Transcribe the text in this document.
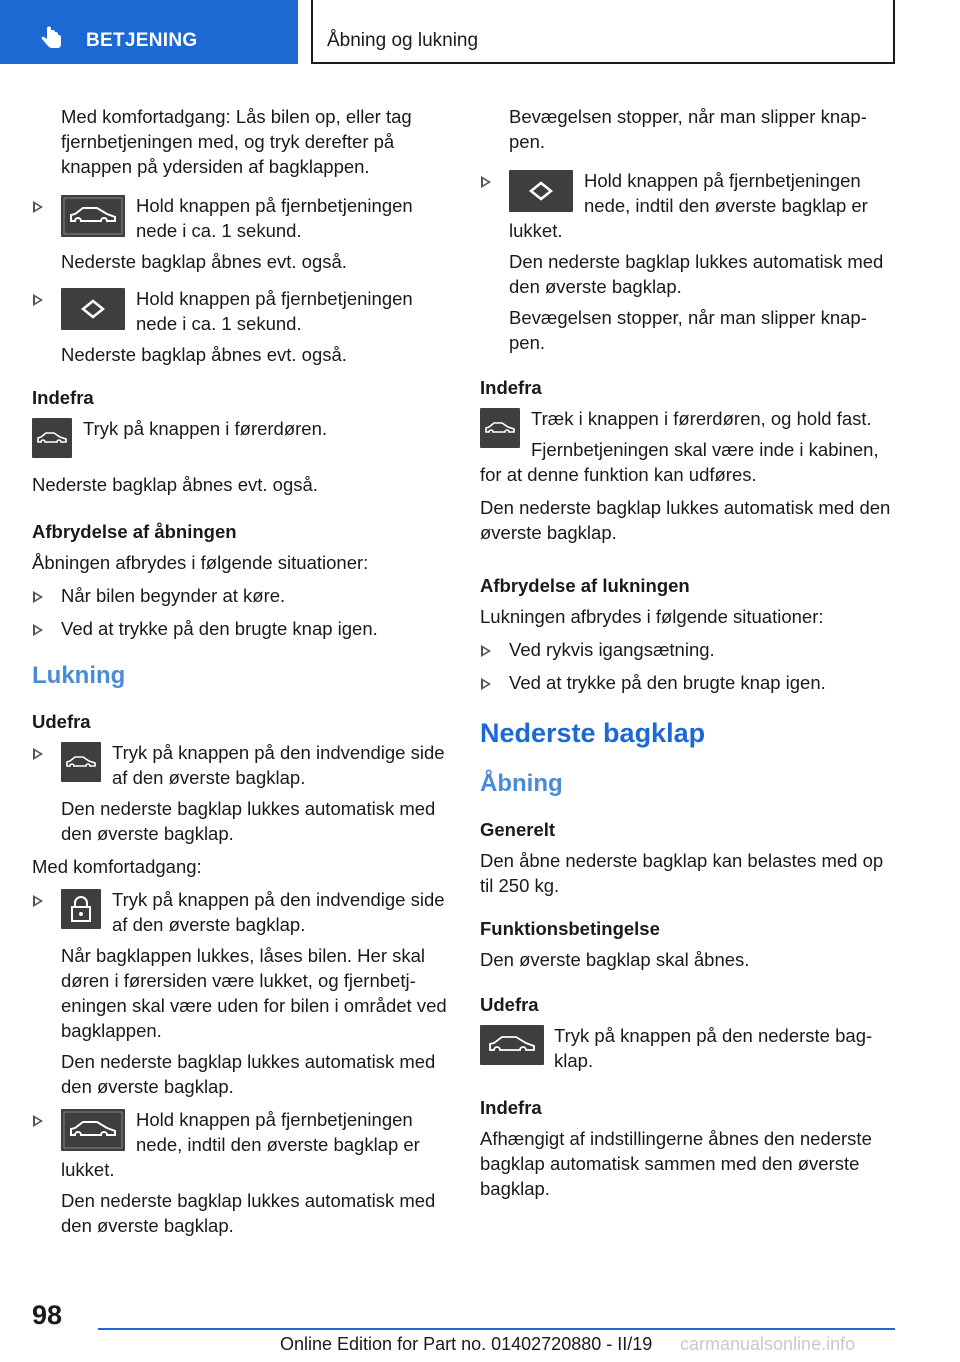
BETJENING	Åbning og lukning
Med komfortadgang: Lås bilen op, eller tag fjernbetjeningen med, og tryk derefter på knappen på ydersiden af bagklappen.
Hold knappen på fjernbetjeningen nede i ca. 1 sekund.
Nederste bagklap åbnes evt. også.
Hold knappen på fjernbetjeningen nede i ca. 1 sekund.
Nederste bagklap åbnes evt. også.
Indefra
Tryk på knappen i førerdøren.
Nederste bagklap åbnes evt. også.
Afbrydelse af åbningen
Åbningen afbrydes i følgende situationer:
Når bilen begynder at køre.
Ved at trykke på den brugte knap igen.
Lukning
Udefra
Tryk på knappen på den indvendige side af den øverste bagklap.
Den nederste bagklap lukkes automatisk med den øverste bagklap.
Med komfortadgang:
Tryk på knappen på den indvendige side af den øverste bagklap.
Når bagklappen lukkes, låses bilen. Her skal døren i førersiden være lukket, og fjernbetj-eningen skal være uden for bilen i området ved bagklappen.
Den nederste bagklap lukkes automatisk med den øverste bagklap.
Hold knappen på fjernbetjeningen nede, indtil den øverste bagklap er lukket.
Den nederste bagklap lukkes automatisk med den øverste bagklap.
Bevægelsen stopper, når man slipper knap-pen.
Hold knappen på fjernbetjeningen nede, indtil den øverste bagklap er lukket.
Den nederste bagklap lukkes automatisk med den øverste bagklap.
Bevægelsen stopper, når man slipper knap-pen.
Indefra
Træk i knappen i førerdøren, og hold fast.
Fjernbetjeningen skal være inde i kabinen, for at denne funktion kan udføres.
Den nederste bagklap lukkes automatisk med den øverste bagklap.
Afbrydelse af lukningen
Lukningen afbrydes i følgende situationer:
Ved rykvis igangsætning.
Ved at trykke på den brugte knap igen.
Nederste bagklap
Åbning
Generelt
Den åbne nederste bagklap kan belastes med op til 250 kg.
Funktionsbetingelse
Den øverste bagklap skal åbnes.
Udefra
Tryk på knappen på den nederste bag-klap.
Indefra
Afhængigt af indstillingerne åbnes den nederste bagklap automatisk sammen med den øverste bagklap.
98
Online Edition for Part no. 01402720880 - II/19 carmanualsonline.info
